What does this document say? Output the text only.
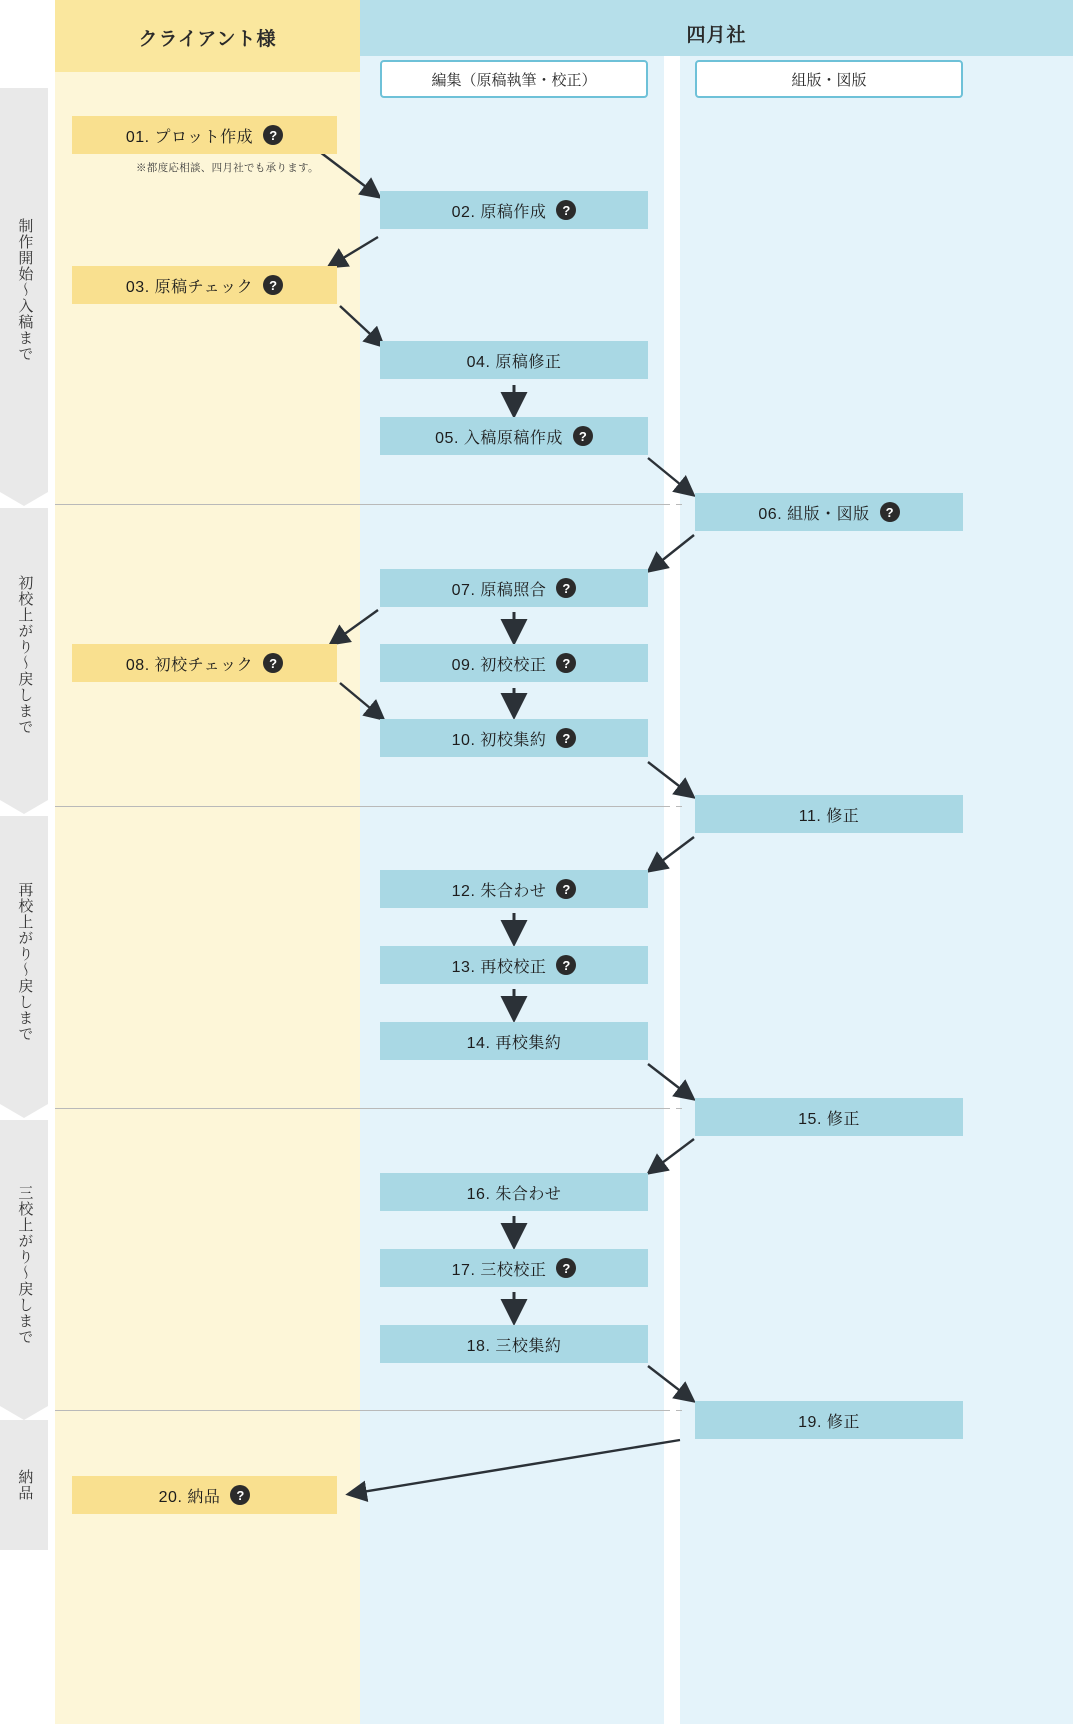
クライアント様	四月社
編集（原稿執筆・校正）	組版・図版
制作開始〜入稿まで
初校上がり〜戻しまで
再校上がり〜戻しまで
三校上がり〜戻しまで
納品
01. プロット作成	?
※都度応相談、四月社でも承ります。
02. 原稿作成	?
03. 原稿チェック	?
04. 原稿修正
05. 入稿原稿作成	?
06. 組版・図版	?
07. 原稿照合	?
08. 初校チェック	?	09. 初校校正	?
10. 初校集約	?
11. 修正
12. 朱合わせ	?
13. 再校校正	?
14. 再校集約
15. 修正
16. 朱合わせ
17. 三校校正	?
18. 三校集約
19. 修正
20. 納品	?
